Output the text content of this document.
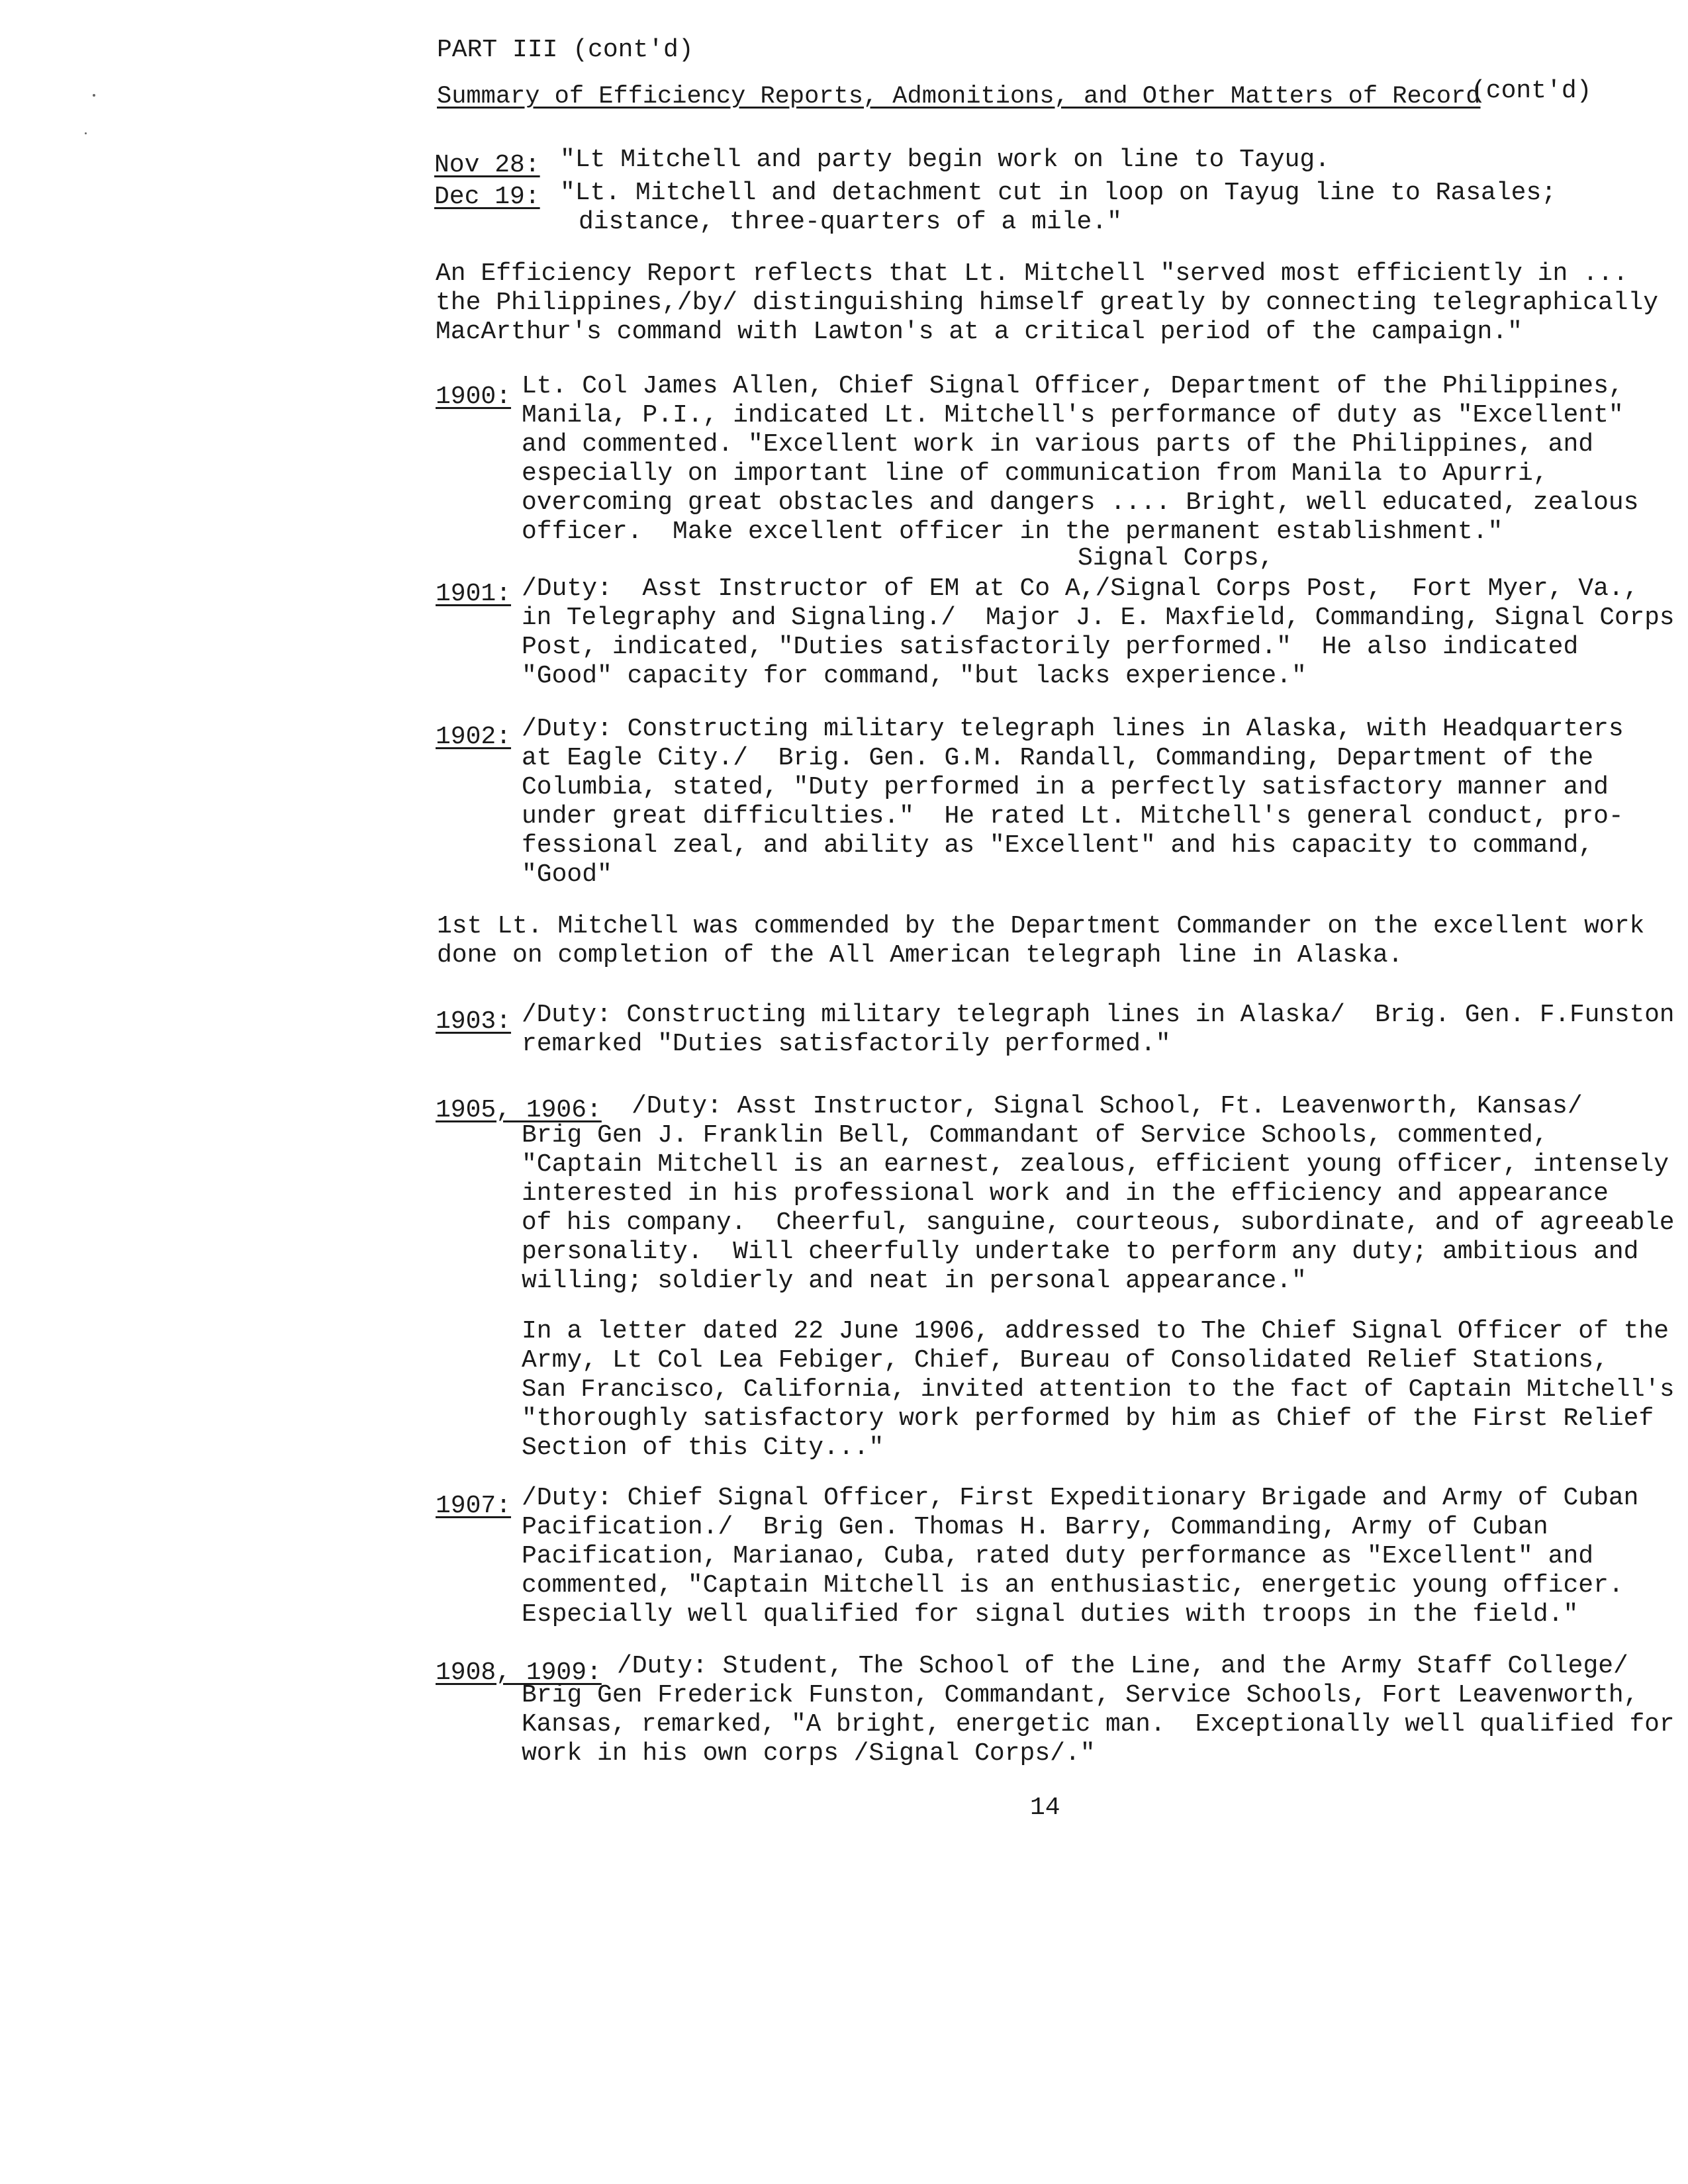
PART III (cont'd)
Summary of Efficiency Reports, Admonitions, and Other Matters of Record
(cont'd)
Nov 28: "Lt Mitchell and party begin work on line to Tayug.
Dec 19: "Lt. Mitchell and detachment cut in loop on Tayug line to Rasales;
distance, three-quarters of a mile."
An Efficiency Report reflects that Lt. Mitchell "served most efficiently in ...
the Philippines,/by/ distinguishing himself greatly by connecting telegraphically
MacArthur's command with Lawton's at a critical period of the campaign."
1900: Lt. Col James Allen, Chief Signal Officer, Department of the Philippines,
Manila, P.I., indicated Lt. Mitchell's performance of duty as "Excellent"
and commented. "Excellent work in various parts of the Philippines, and
especially on important line of communication from Manila to Apurri,
overcoming great obstacles and dangers .... Bright, well educated, zealous
officer.  Make excellent officer in the permanent establishment."
Signal Corps,
1901: /Duty:  Asst Instructor of EM at Co A,/Signal Corps Post,  Fort Myer, Va.,
in Telegraphy and Signaling./  Major J. E. Maxfield, Commanding, Signal Corps
Post, indicated, "Duties satisfactorily performed."  He also indicated
"Good" capacity for command, "but lacks experience."
1902: /Duty: Constructing military telegraph lines in Alaska, with Headquarters
at Eagle City./  Brig. Gen. G.M. Randall, Commanding, Department of the
Columbia, stated, "Duty performed in a perfectly satisfactory manner and
under great difficulties."  He rated Lt. Mitchell's general conduct, pro-
fessional zeal, and ability as "Excellent" and his capacity to command,
"Good"
1st Lt. Mitchell was commended by the Department Commander on the excellent work
done on completion of the All American telegraph line in Alaska.
1903: /Duty: Constructing military telegraph lines in Alaska/  Brig. Gen. F.Funston
remarked "Duties satisfactorily performed."
1905, 1906: /Duty: Asst Instructor, Signal School, Ft. Leavenworth, Kansas/
Brig Gen J. Franklin Bell, Commandant of Service Schools, commented,
"Captain Mitchell is an earnest, zealous, efficient young officer, intensely
interested in his professional work and in the efficiency and appearance
of his company.  Cheerful, sanguine, courteous, subordinate, and of agreeable
personality.  Will cheerfully undertake to perform any duty; ambitious and
willing; soldierly and neat in personal appearance."
In a letter dated 22 June 1906, addressed to The Chief Signal Officer of the
Army, Lt Col Lea Febiger, Chief, Bureau of Consolidated Relief Stations,
San Francisco, California, invited attention to the fact of Captain Mitchell's
"thoroughly satisfactory work performed by him as Chief of the First Relief
Section of this City..."
1907: /Duty: Chief Signal Officer, First Expeditionary Brigade and Army of Cuban
Pacification./  Brig Gen. Thomas H. Barry, Commanding, Army of Cuban
Pacification, Marianao, Cuba, rated duty performance as "Excellent" and
commented, "Captain Mitchell is an enthusiastic, energetic young officer.
Especially well qualified for signal duties with troops in the field."
1908, 1909: /Duty: Student, The School of the Line, and the Army Staff College/
Brig Gen Frederick Funston, Commandant, Service Schools, Fort Leavenworth,
Kansas, remarked, "A bright, energetic man.  Exceptionally well qualified for
work in his own corps /Signal Corps/."
14
